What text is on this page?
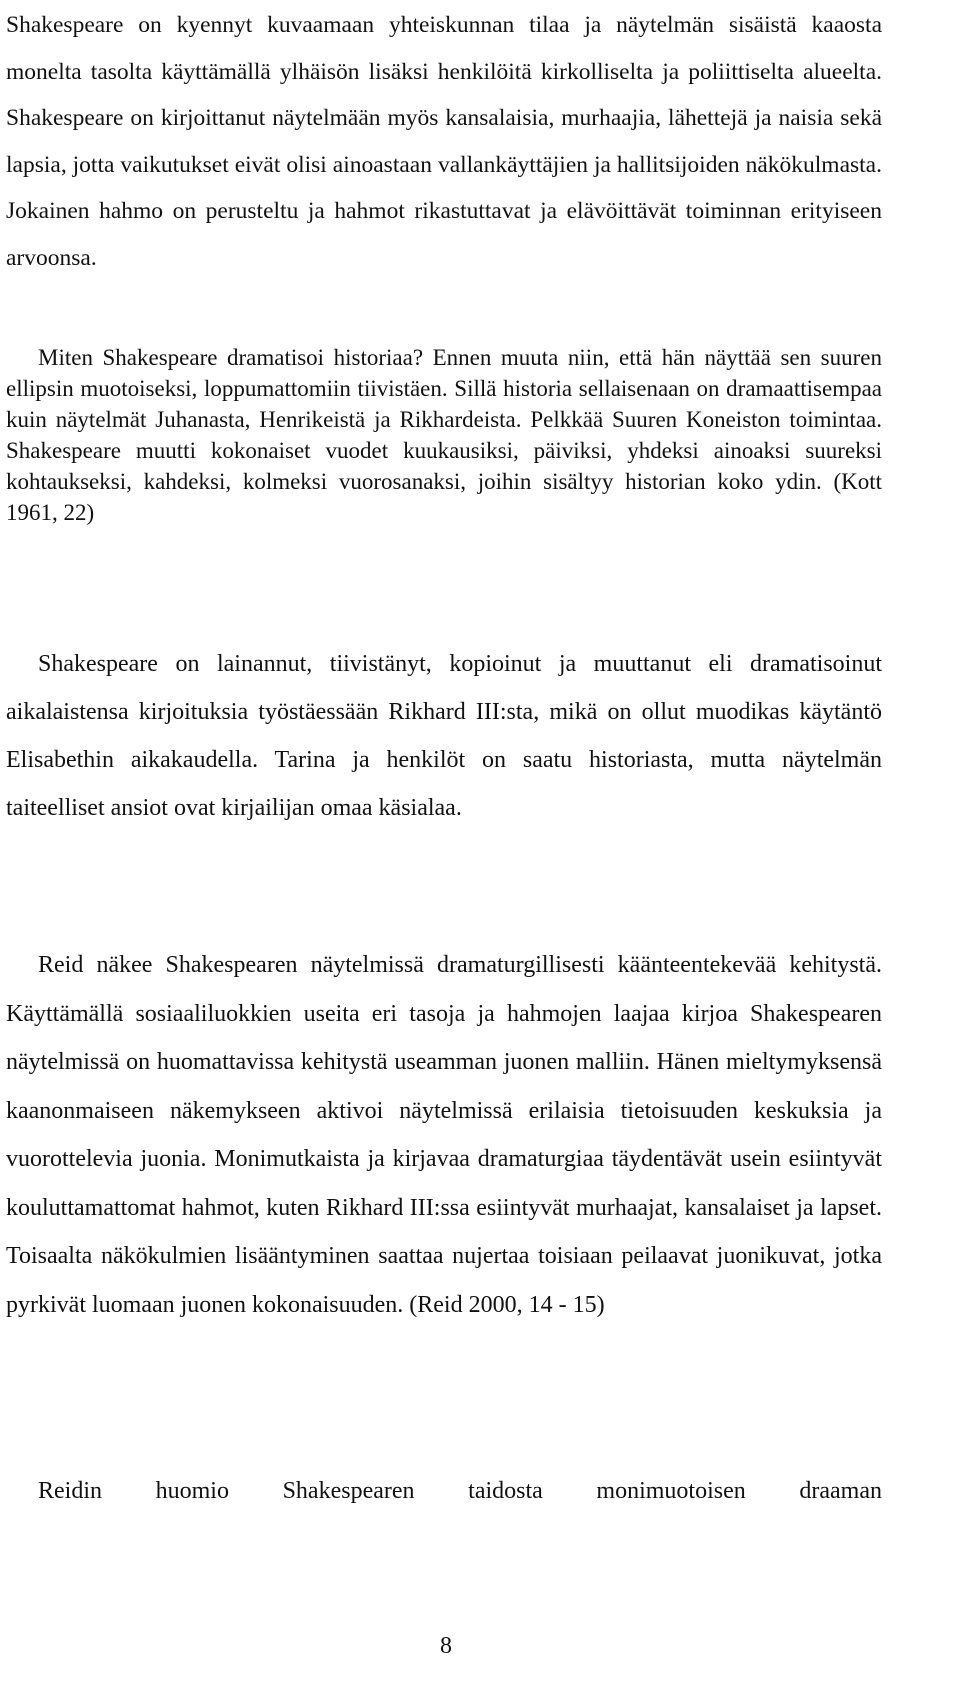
Shakespeare on kyennyt kuvaamaan yhteiskunnan tilaa ja näytelmän sisäistä kaaosta monelta tasolta käyttämällä ylhäisön lisäksi henkilöitä kirkolliselta ja poliittiselta alueelta. Shakespeare on kirjoittanut näytelmään myös kansalaisia, murhaajia, lähettejä ja naisia sekä lapsia, jotta vaikutukset eivät olisi ainoastaan vallankäyttäjien ja hallitsijoiden näkökulmasta. Jokainen hahmo on perusteltu ja hahmot rikastuttavat ja elävöittävät toiminnan erityiseen arvoonsa.

Miten Shakespeare dramatisoi historiaa? Ennen muuta niin, että hän näyttää sen suuren ellipsin muotoiseksi, loppumattomiin tiivistäen. Sillä historia sellaisenaan on dramaattisempaa kuin näytelmät Juhanasta, Henrikeistä ja Rikhardeista. Pelkkää Suuren Koneiston toimintaa. Shakespeare muutti kokonaiset vuodet kuukausiksi, päiviksi, yhdeksi ainoaksi suureksi kohtaukseksi, kahdeksi, kolmeksi vuorosanaksi, joihin sisältyy historian koko ydin. (Kott 1961, 22)

Shakespeare on lainannut, tiivistänyt, kopioinut ja muuttanut eli dramatisoinut aikalaistensa kirjoituksia työstäessään Rikhard III:sta, mikä on ollut muodikas käytäntö Elisabethin aikakaudella. Tarina ja henkilöt on saatu historiasta, mutta näytelmän taiteelliset ansiot ovat kirjailijan omaa käsialaa.

Reid näkee Shakespearen näytelmissä dramaturgillisesti käänteentekevää kehitystä. Käyttämällä sosiaaliluokkien useita eri tasoja ja hahmojen laajaa kirjoa Shakespearen näytelmissä on huomattavissa kehitystä useamman juonen malliin. Hänen mieltymyksensä kaanonmaiseen näkemykseen aktivoi näytelmissä erilaisia tietoisuuden keskuksia ja vuorottelevia juonia. Monimutkaista ja kirjavaa dramaturgiaa täydentävät usein esiintyvät kouluttamattomat hahmot, kuten Rikhard III:ssa esiintyvät murhaajat, kansalaiset ja lapset. Toisaalta näkökulmien lisääntyminen saattaa nujertaa toisiaan peilaavat juonikuvat, jotka pyrkivät luomaan juonen kokonaisuuden. (Reid 2000, 14 - 15)

Reidin huomio Shakespearen taidosta monimuotoisen draaman

8
